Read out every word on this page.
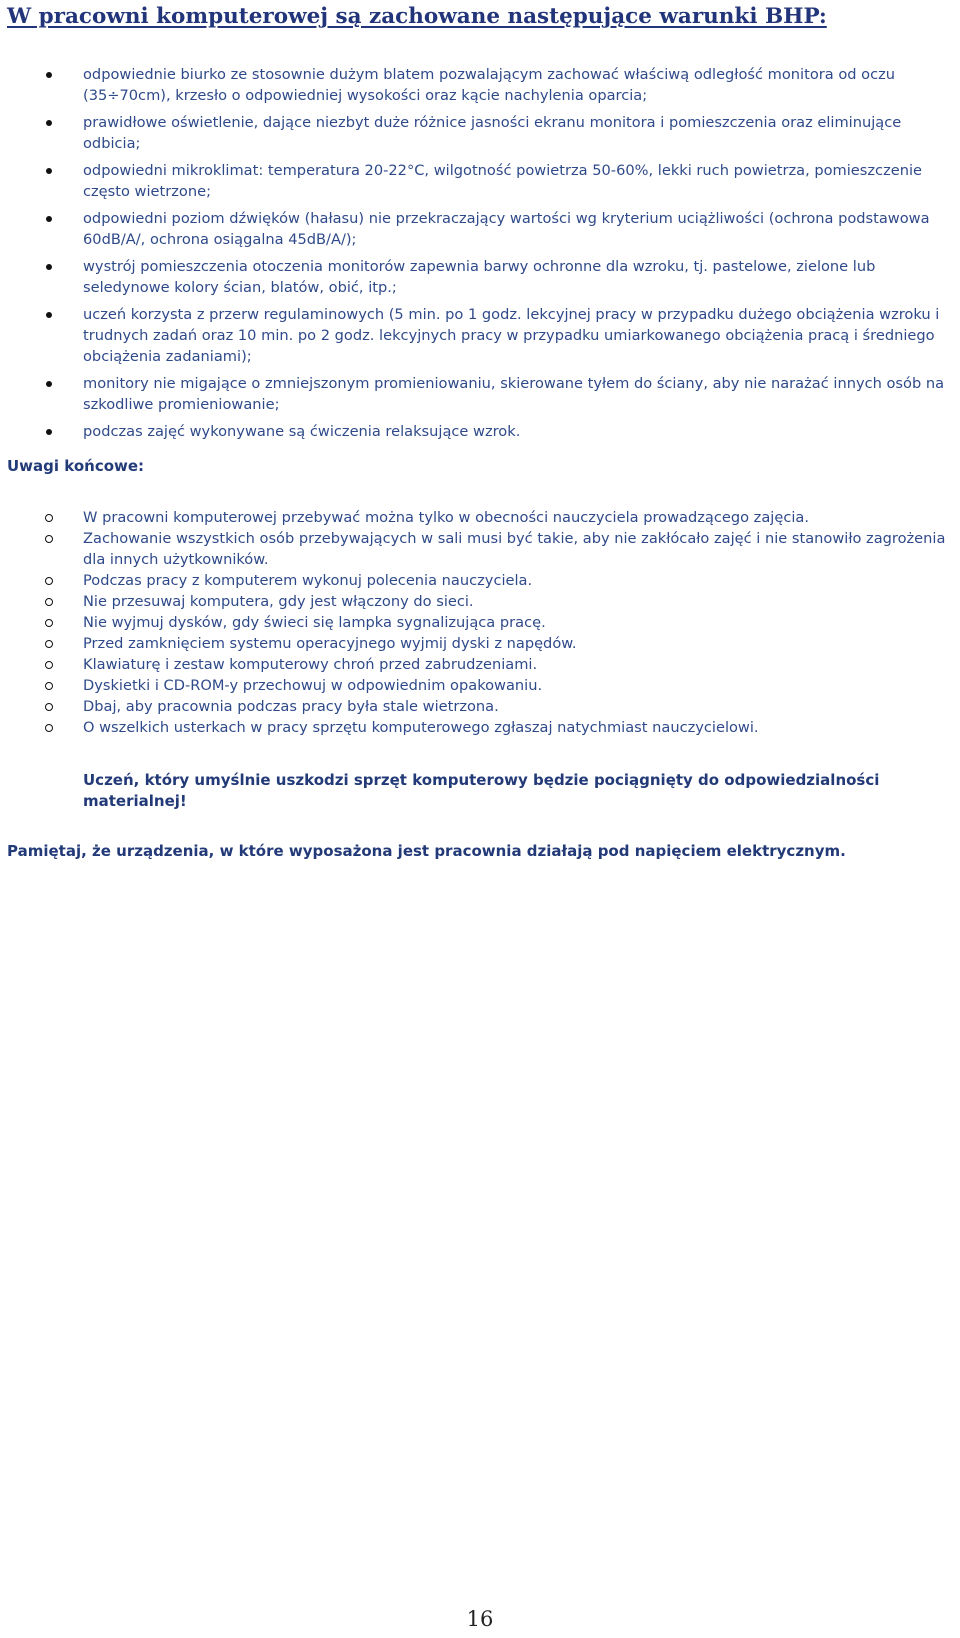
W pracowni komputerowej są zachowane następujące warunki BHP:
odpowiednie biurko ze stosownie dużym blatem pozwalającym zachować właściwą odległość monitora od oczu (35÷70cm), krzesło o odpowiedniej wysokości oraz kącie nachylenia oparcia;
prawidłowe oświetlenie, dające niezbyt duże różnice jasności ekranu monitora i pomieszczenia oraz eliminujące odbicia;
odpowiedni mikroklimat: temperatura 20-22°C, wilgotność powietrza 50-60%, lekki ruch powietrza, pomieszczenie często wietrzone;
odpowiedni poziom dźwięków (hałasu) nie przekraczający wartości wg kryterium uciążliwości (ochrona podstawowa 60dB/A/, ochrona osiągalna 45dB/A/);
wystrój pomieszczenia otoczenia monitorów zapewnia barwy ochronne dla wzroku, tj. pastelowe, zielone lub seledynowe kolory ścian, blatów, obić, itp.;
uczeń korzysta z przerw regulaminowych (5 min. po 1 godz. lekcyjnej pracy w przypadku dużego obciążenia wzroku i trudnych zadań oraz 10 min. po 2 godz. lekcyjnych pracy w przypadku umiarkowanego obciążenia pracą i średniego obciążenia zadaniami);
monitory nie migające o zmniejszonym promieniowaniu, skierowane tyłem do ściany, aby nie narażać innych osób na szkodliwe promieniowanie;
podczas zajęć wykonywane są ćwiczenia relaksujące wzrok.
Uwagi końcowe:
W pracowni komputerowej przebywać można tylko w obecności nauczyciela prowadzącego zajęcia.
Zachowanie wszystkich osób przebywających w sali musi być takie, aby nie zakłócało zajęć i nie stanowiło zagrożenia dla innych użytkowników.
Podczas pracy z komputerem wykonuj polecenia nauczyciela.
Nie przesuwaj komputera, gdy jest włączony do sieci.
Nie wyjmuj dysków, gdy świeci się lampka sygnalizująca pracę.
Przed zamknięciem systemu operacyjnego wyjmij dyski z napędów.
Klawiaturę i zestaw komputerowy chroń przed zabrudzeniami.
Dyskietki i CD-ROM-y przechowuj w odpowiednim opakowaniu.
Dbaj, aby pracownia podczas pracy była stale wietrzona.
O wszelkich usterkach w pracy sprzętu komputerowego zgłaszaj natychmiast nauczycielowi.

Uczeń, który umyślnie uszkodzi sprzęt komputerowy będzie pociągnięty do odpowiedzialności materialnej!

Pamiętaj, że urządzenia, w które wyposażona jest pracownia działają pod napięciem elektrycznym.

16
